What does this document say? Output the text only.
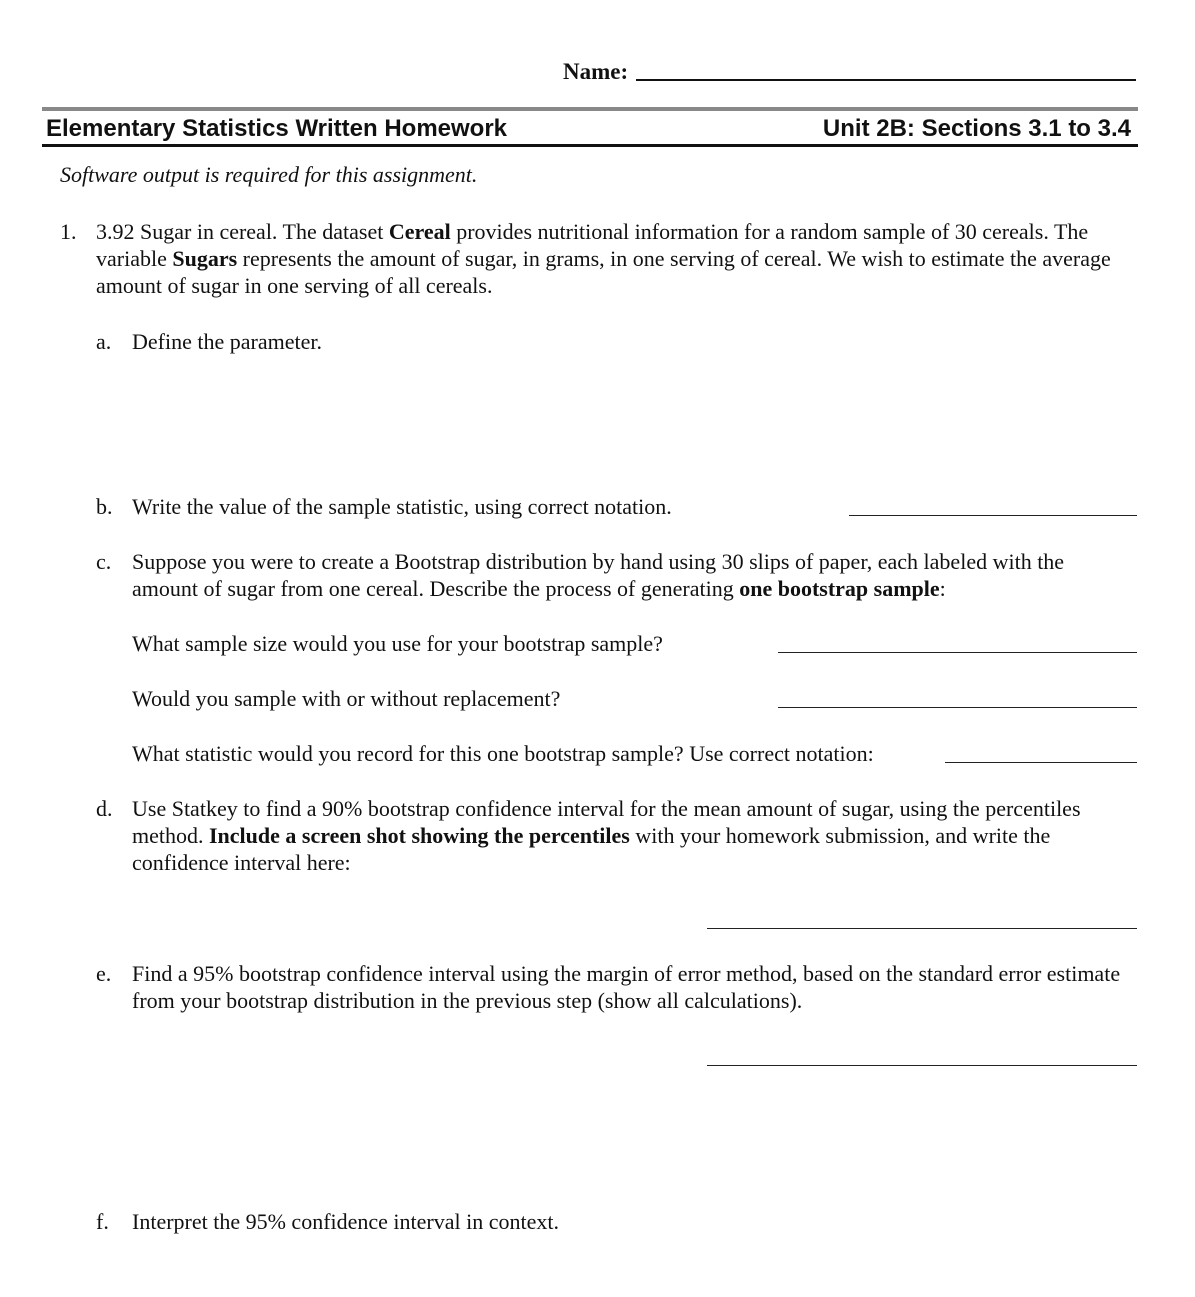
Name:
Elementary Statistics Written Homework	Unit 2B: Sections 3.1 to 3.4
Software output is required for this assignment.
1. 3.92 Sugar in cereal. The dataset Cereal provides nutritional information for a random sample of 30 cereals. The variable Sugars represents the amount of sugar, in grams, in one serving of cereal. We wish to estimate the average amount of sugar in one serving of all cereals.
a. Define the parameter.
b. Write the value of the sample statistic, using correct notation.
c. Suppose you were to create a Bootstrap distribution by hand using 30 slips of paper, each labeled with the amount of sugar from one cereal. Describe the process of generating one bootstrap sample:
What sample size would you use for your bootstrap sample?
Would you sample with or without replacement?
What statistic would you record for this one bootstrap sample? Use correct notation:
d. Use Statkey to find a 90% bootstrap confidence interval for the mean amount of sugar, using the percentiles method. Include a screen shot showing the percentiles with your homework submission, and write the confidence interval here:
e. Find a 95% bootstrap confidence interval using the margin of error method, based on the standard error estimate from your bootstrap distribution in the previous step (show all calculations).
f. Interpret the 95% confidence interval in context.
